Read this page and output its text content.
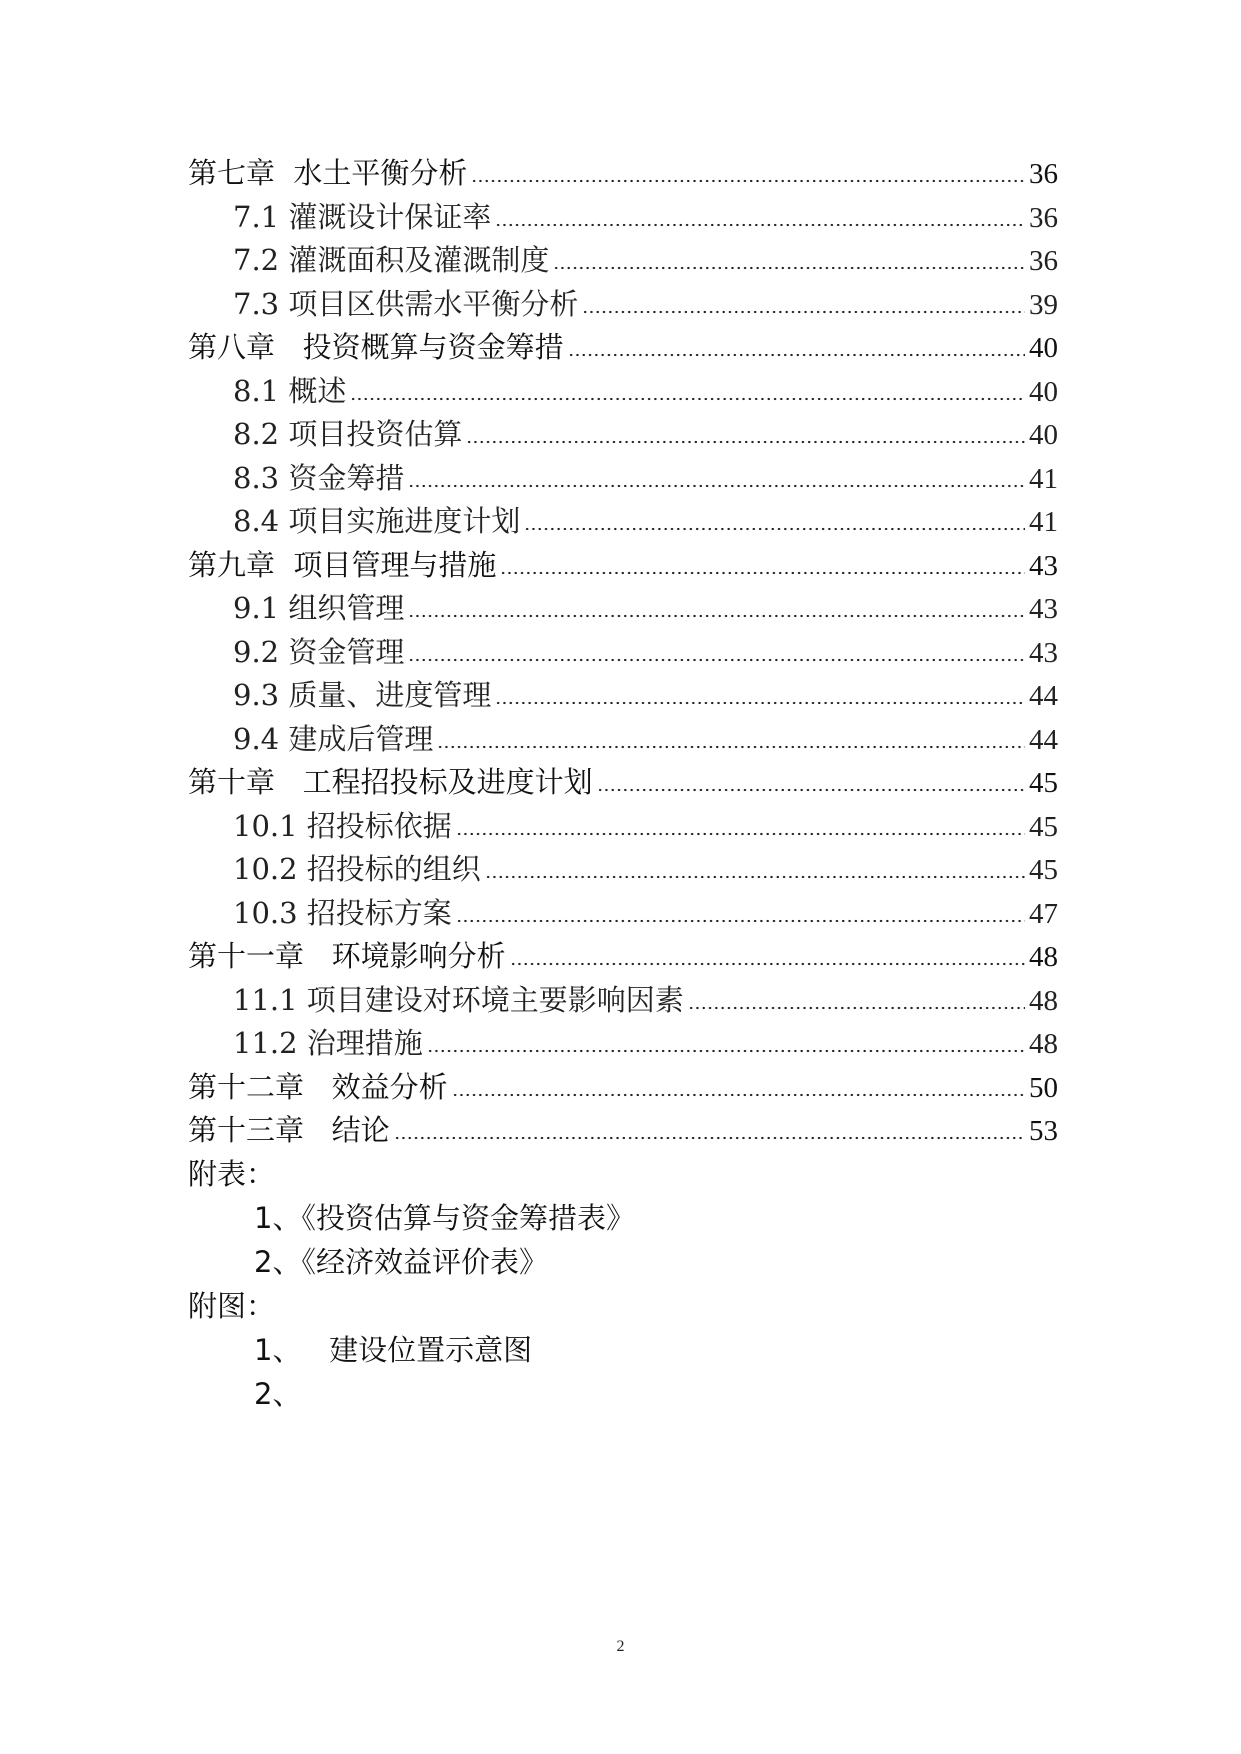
第七章  水土平衡分析	36
7.1 灌溉设计保证率	36
7.2 灌溉面积及灌溉制度	36
7.3 项目区供需水平衡分析	39
第八章   投资概算与资金筹措	40
8.1 概述	40
8.2 项目投资估算	40
8.3 资金筹措	41
8.4 项目实施进度计划	41
第九章  项目管理与措施	43
9.1 组织管理	43
9.2 资金管理	43
9.3 质量、进度管理	44
9.4 建成后管理	44
第十章   工程招投标及进度计划	45
10.1 招投标依据	45
10.2 招投标的组织	45
10.3 招投标方案	47
第十一章   环境影响分析	48
11.1 项目建设对环境主要影响因素	48
11.2 治理措施	48
第十二章   效益分析	50
第十三章   结论	53
附表：
1、《投资估算与资金筹措表》
2、《经济效益评价表》
附图：
1、   建设位置示意图
2、
2
